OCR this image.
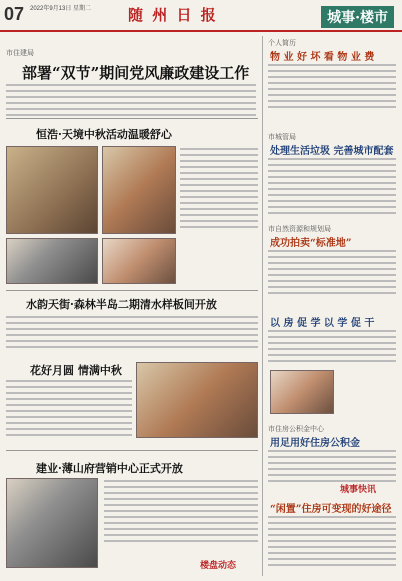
07 2022年9月13日 星期二	随 州 日 报	城事·楼市
市住建局
部署“双节”期间党风廉政建设工作
恒浩·天境中秋活动温暖舒心
水韵天街·森林半岛二期清水样板间开放
花好月圆 情满中秋
建业·薄山府营销中心正式开放
个人简历
物 业 好 坏 看 物 业 费
市城管局
处理生活垃圾 完善城市配套
市自然资源和规划局
成功拍卖“标准地”
以 房 促 学 以 学 促 干
市住房公积金中心
用足用好住房公积金
城事快讯
“闲置”住房可变现的好途径
楼盘动态
